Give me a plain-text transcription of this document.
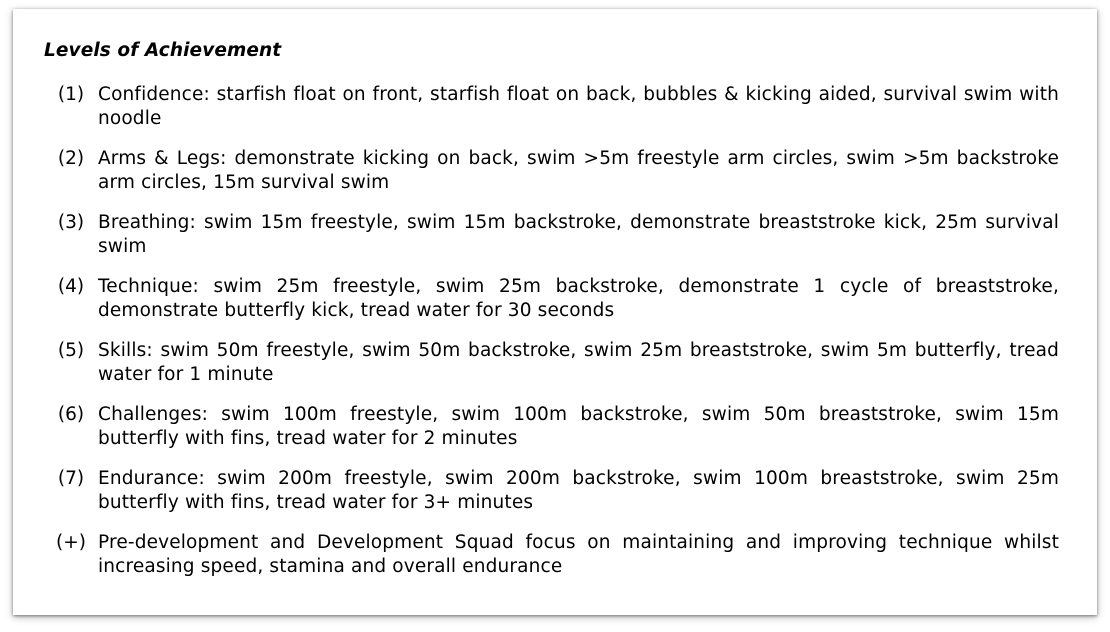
Levels of Achievement
(1) Confidence: starfish float on front, starfish float on back, bubbles & kicking aided, survival swim with noodle
(2) Arms & Legs: demonstrate kicking on back, swim >5m freestyle arm circles, swim >5m backstroke arm circles, 15m survival swim
(3) Breathing: swim 15m freestyle, swim 15m backstroke, demonstrate breaststroke kick, 25m survival swim
(4) Technique: swim 25m freestyle, swim 25m backstroke, demonstrate 1 cycle of breaststroke, demonstrate butterfly kick, tread water for 30 seconds
(5) Skills: swim 50m freestyle, swim 50m backstroke, swim 25m breaststroke, swim 5m butterfly, tread water for 1 minute
(6) Challenges: swim 100m freestyle, swim 100m backstroke, swim 50m breaststroke, swim 15m butterfly with fins, tread water for 2 minutes
(7) Endurance: swim 200m freestyle, swim 200m backstroke, swim 100m breaststroke, swim 25m butterfly with fins, tread water for 3+ minutes
(+) Pre-development and Development Squad focus on maintaining and improving technique whilst increasing speed, stamina and overall endurance
